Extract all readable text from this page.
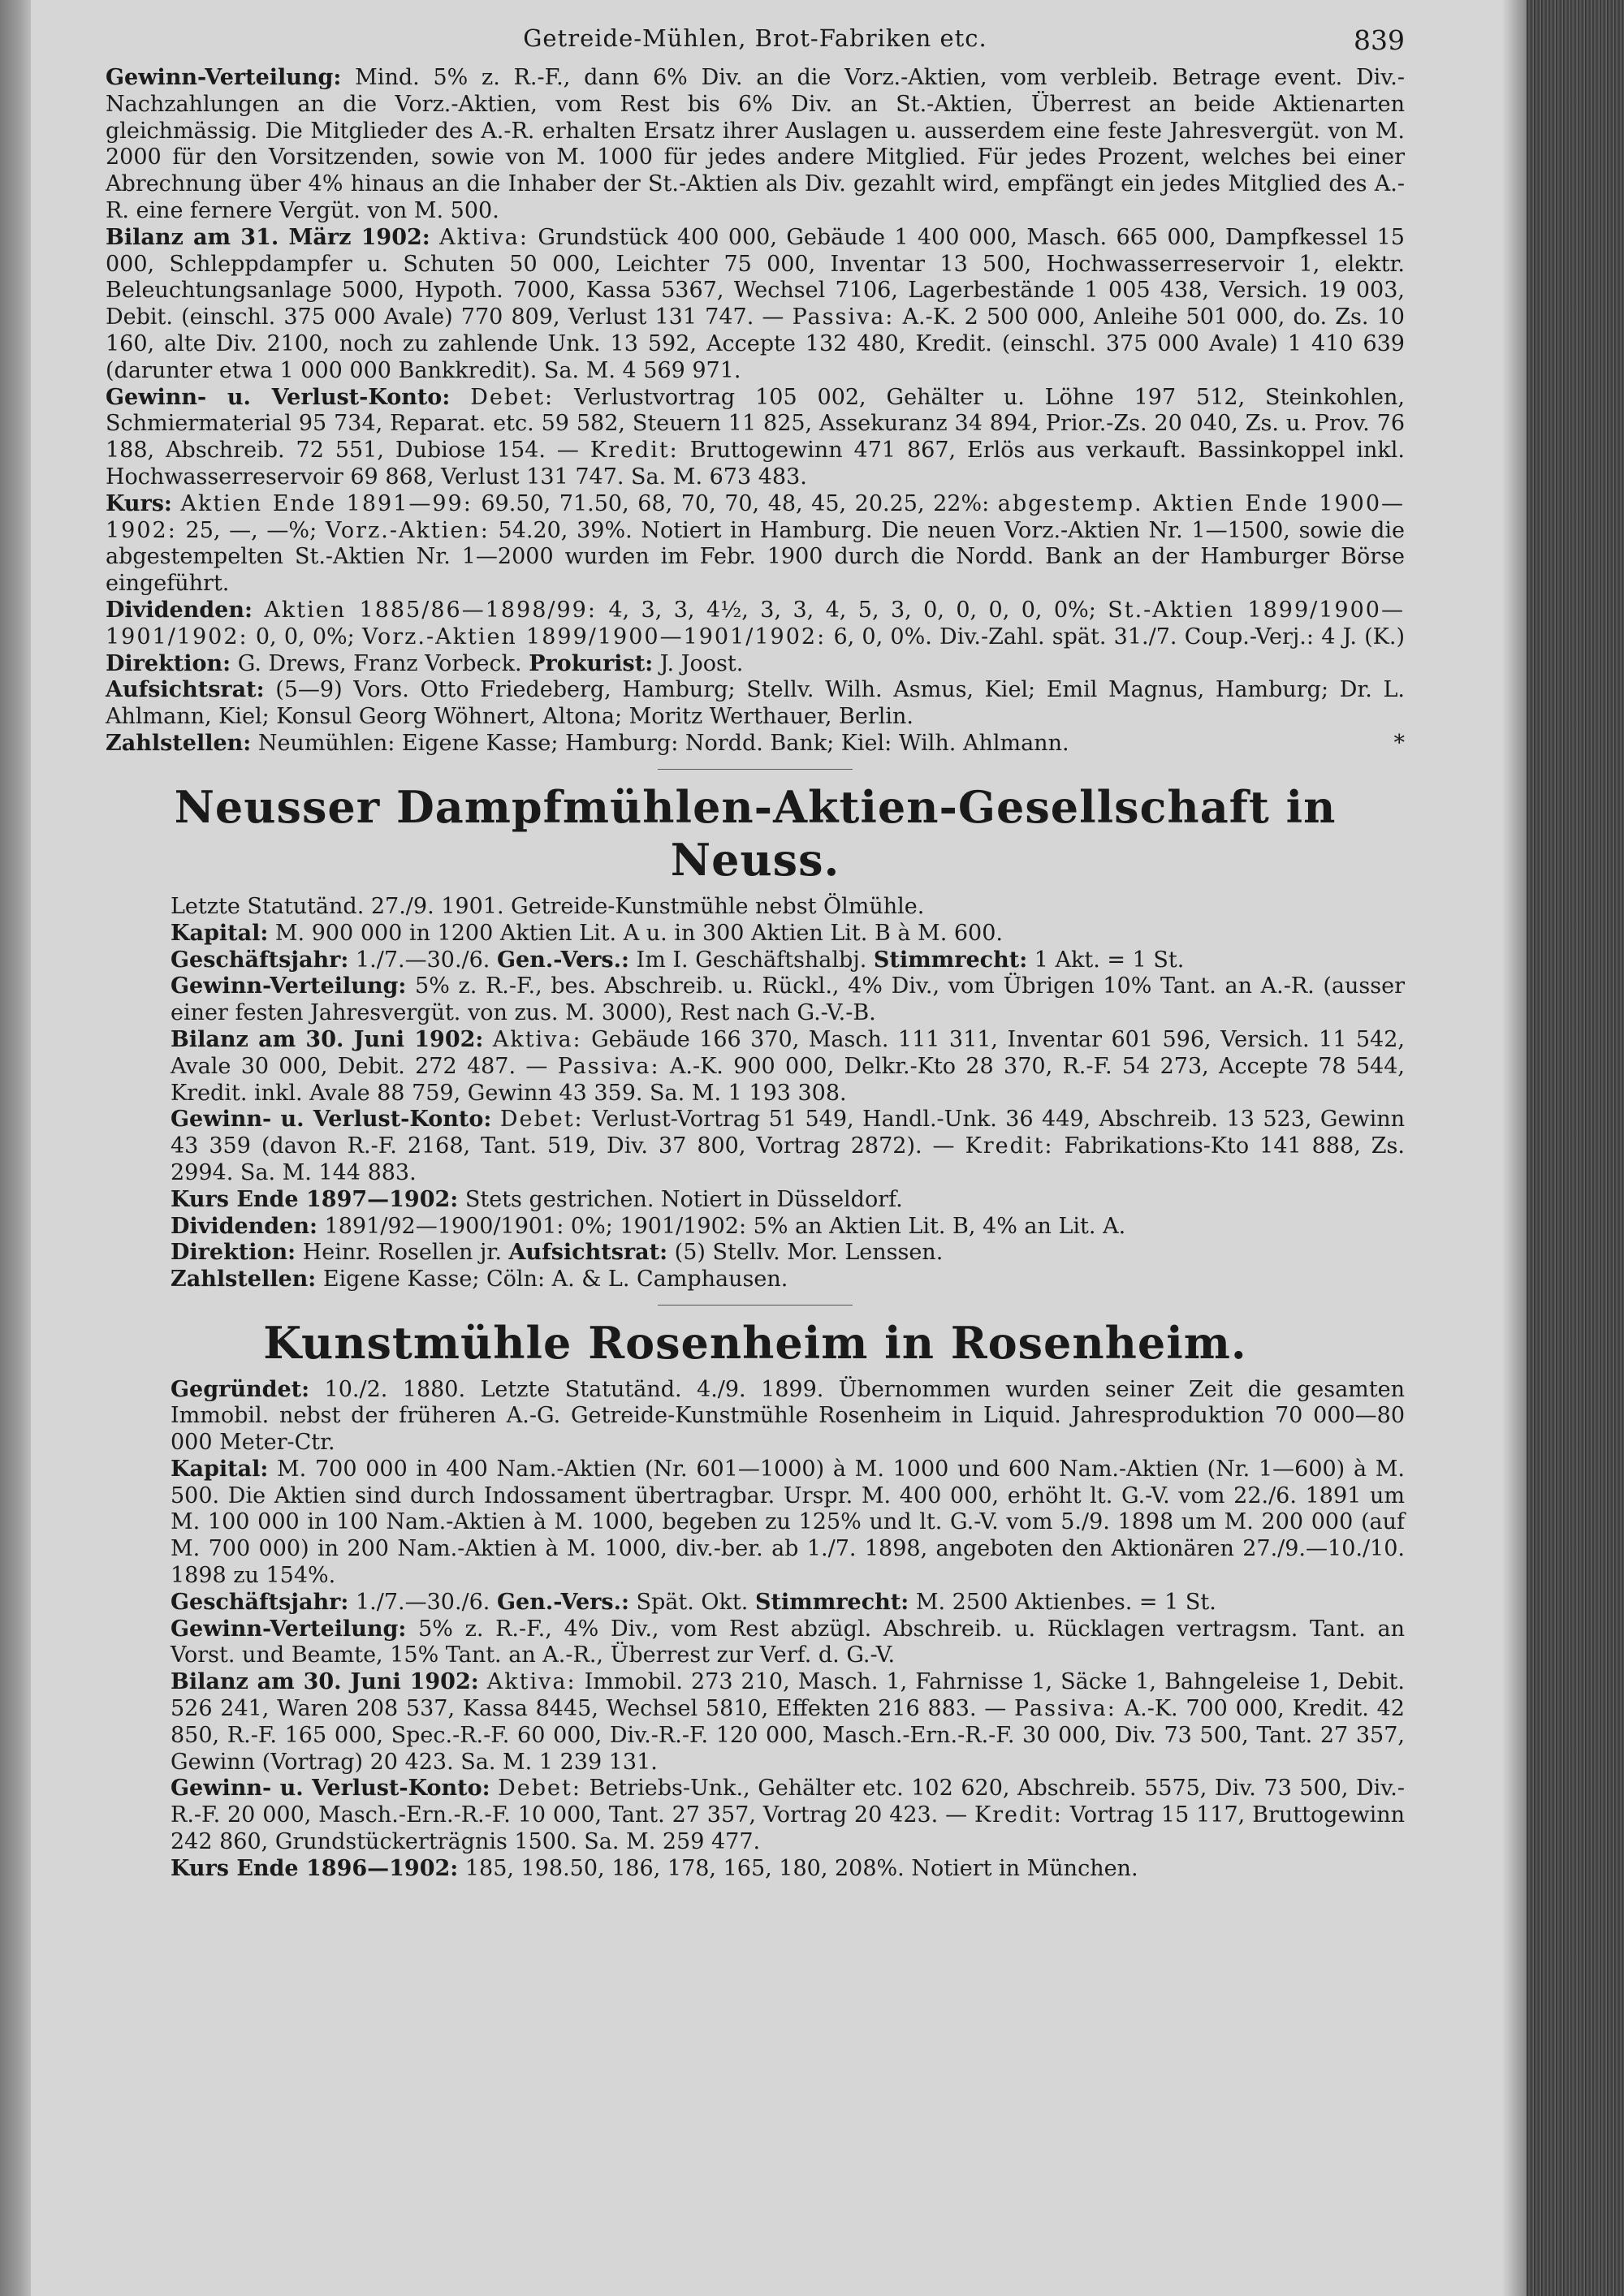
Getreide-Mühlen, Brot-Fabriken etc.	839

Gewinn-Verteilung: Mind. 5% z. R.-F., dann 6% Div. an die Vorz.-Aktien, vom verbleib. Betrage event. Div.-Nachzahlungen an die Vorz.-Aktien, vom Rest bis 6% Div. an St.-Aktien, Überrest an beide Aktienarten gleichmässig. Die Mitglieder des A.-R. erhalten Ersatz ihrer Auslagen u. ausserdem eine feste Jahresvergüt. von M. 2000 für den Vorsitzenden, sowie von M. 1000 für jedes andere Mitglied. Für jedes Prozent, welches bei einer Abrechnung über 4% hinaus an die Inhaber der St.-Aktien als Div. gezahlt wird, empfängt ein jedes Mitglied des A.-R. eine fernere Vergüt. von M. 500.

Bilanz am 31. März 1902: Aktiva: Grundstück 400 000, Gebäude 1 400 000, Masch. 665 000, Dampfkessel 15 000, Schleppdampfer u. Schuten 50 000, Leichter 75 000, Inventar 13 500, Hochwasserreservoir 1, elektr. Beleuchtungsanlage 5000, Hypoth. 7000, Kassa 5367, Wechsel 7106, Lagerbestände 1 005 438, Versich. 19 003, Debit. (einschl. 375 000 Avale) 770 809, Verlust 131 747. — Passiva: A.-K. 2 500 000, Anleihe 501 000, do. Zs. 10 160, alte Div. 2100, noch zu zahlende Unk. 13 592, Accepte 132 480, Kredit. (einschl. 375 000 Avale) 1 410 639 (darunter etwa 1 000 000 Bankkredit). Sa. M. 4 569 971.

Gewinn- u. Verlust-Konto: Debet: Verlustvortrag 105 002, Gehälter u. Löhne 197 512, Steinkohlen, Schmiermaterial 95 734, Reparat. etc. 59 582, Steuern 11 825, Assekuranz 34 894, Prior.-Zs. 20 040, Zs. u. Prov. 76 188, Abschreib. 72 551, Dubiose 154. — Kredit: Bruttogewinn 471 867, Erlös aus verkauft. Bassinkoppel inkl. Hochwasserreservoir 69 868, Verlust 131 747. Sa. M. 673 483.

Kurs: Aktien Ende 1891—99: 69.50, 71.50, 68, 70, 70, 48, 45, 20.25, 22%: abgestemp. Aktien Ende 1900—1902: 25, —, —%; Vorz.-Aktien: 54.20, 39%. Notiert in Hamburg. Die neuen Vorz.-Aktien Nr. 1—1500, sowie die abgestempelten St.-Aktien Nr. 1—2000 wurden im Febr. 1900 durch die Nordd. Bank an der Hamburger Börse eingeführt.

Dividenden: Aktien 1885/86—1898/99: 4, 3, 3, 4½, 3, 3, 4, 5, 3, 0, 0, 0, 0, 0%; St.-Aktien 1899/1900—1901/1902: 0, 0, 0%; Vorz.-Aktien 1899/1900—1901/1902: 6, 0, 0%. Div.-Zahl. spät. 31./7. Coup.-Verj.: 4 J. (K.) Direktion: G. Drews, Franz Vorbeck. Prokurist: J. Joost.

Aufsichtsrat: (5—9) Vors. Otto Friedeberg, Hamburg; Stellv. Wilh. Asmus, Kiel; Emil Magnus, Hamburg; Dr. L. Ahlmann, Kiel; Konsul Georg Wöhnert, Altona; Moritz Werthauer, Berlin.

Zahlstellen: Neumühlen: Eigene Kasse; Hamburg: Nordd. Bank; Kiel: Wilh. Ahlmann.	*

Neusser Dampfmühlen-Aktien-Gesellschaft in Neuss.

Letzte Statutänd. 27./9. 1901. Getreide-Kunstmühle nebst Ölmühle.

Kapital: M. 900 000 in 1200 Aktien Lit. A u. in 300 Aktien Lit. B à M. 600.

Geschäftsjahr: 1./7.—30./6. Gen.-Vers.: Im I. Geschäftshalbj. Stimmrecht: 1 Akt. = 1 St.

Gewinn-Verteilung: 5% z. R.-F., bes. Abschreib. u. Rückl., 4% Div., vom Übrigen 10% Tant. an A.-R. (ausser einer festen Jahresvergüt. von zus. M. 3000), Rest nach G.-V.-B.

Bilanz am 30. Juni 1902: Aktiva: Gebäude 166 370, Masch. 111 311, Inventar 601 596, Versich. 11 542, Avale 30 000, Debit. 272 487. — Passiva: A.-K. 900 000, Delkr.-Kto 28 370, R.-F. 54 273, Accepte 78 544, Kredit. inkl. Avale 88 759, Gewinn 43 359. Sa. M. 1 193 308.

Gewinn- u. Verlust-Konto: Debet: Verlust-Vortrag 51 549, Handl.-Unk. 36 449, Abschreib. 13 523, Gewinn 43 359 (davon R.-F. 2168, Tant. 519, Div. 37 800, Vortrag 2872). — Kredit: Fabrikations-Kto 141 888, Zs. 2994. Sa. M. 144 883.

Kurs Ende 1897—1902: Stets gestrichen. Notiert in Düsseldorf.

Dividenden: 1891/92—1900/1901: 0%; 1901/1902: 5% an Aktien Lit. B, 4% an Lit. A.

Direktion: Heinr. Rosellen jr. Aufsichtsrat: (5) Stellv. Mor. Lenssen.

Zahlstellen: Eigene Kasse; Cöln: A. & L. Camphausen.

Kunstmühle Rosenheim in Rosenheim.

Gegründet: 10./2. 1880. Letzte Statutänd. 4./9. 1899. Übernommen wurden seiner Zeit die gesamten Immobil. nebst der früheren A.-G. Getreide-Kunstmühle Rosenheim in Liquid. Jahresproduktion 70 000—80 000 Meter-Ctr.

Kapital: M. 700 000 in 400 Nam.-Aktien (Nr. 601—1000) à M. 1000 und 600 Nam.-Aktien (Nr. 1—600) à M. 500. Die Aktien sind durch Indossament übertragbar. Urspr. M. 400 000, erhöht lt. G.-V. vom 22./6. 1891 um M. 100 000 in 100 Nam.-Aktien à M. 1000, begeben zu 125% und lt. G.-V. vom 5./9. 1898 um M. 200 000 (auf M. 700 000) in 200 Nam.-Aktien à M. 1000, div.-ber. ab 1./7. 1898, angeboten den Aktionären 27./9.—10./10. 1898 zu 154%.

Geschäftsjahr: 1./7.—30./6. Gen.-Vers.: Spät. Okt. Stimmrecht: M. 2500 Aktienbes. = 1 St.

Gewinn-Verteilung: 5% z. R.-F., 4% Div., vom Rest abzügl. Abschreib. u. Rücklagen vertragsm. Tant. an Vorst. und Beamte, 15% Tant. an A.-R., Überrest zur Verf. d. G.-V.

Bilanz am 30. Juni 1902: Aktiva: Immobil. 273 210, Masch. 1, Fahrnisse 1, Säcke 1, Bahngeleise 1, Debit. 526 241, Waren 208 537, Kassa 8445, Wechsel 5810, Effekten 216 883. — Passiva: A.-K. 700 000, Kredit. 42 850, R.-F. 165 000, Spec.-R.-F. 60 000, Div.-R.-F. 120 000, Masch.-Ern.-R.-F. 30 000, Div. 73 500, Tant. 27 357, Gewinn (Vortrag) 20 423. Sa. M. 1 239 131.

Gewinn- u. Verlust-Konto: Debet: Betriebs-Unk., Gehälter etc. 102 620, Abschreib. 5575, Div. 73 500, Div.-R.-F. 20 000, Masch.-Ern.-R.-F. 10 000, Tant. 27 357, Vortrag 20 423. — Kredit: Vortrag 15 117, Bruttogewinn 242 860, Grundstückerträgnis 1500. Sa. M. 259 477.

Kurs Ende 1896—1902: 185, 198.50, 186, 178, 165, 180, 208%. Notiert in München.
